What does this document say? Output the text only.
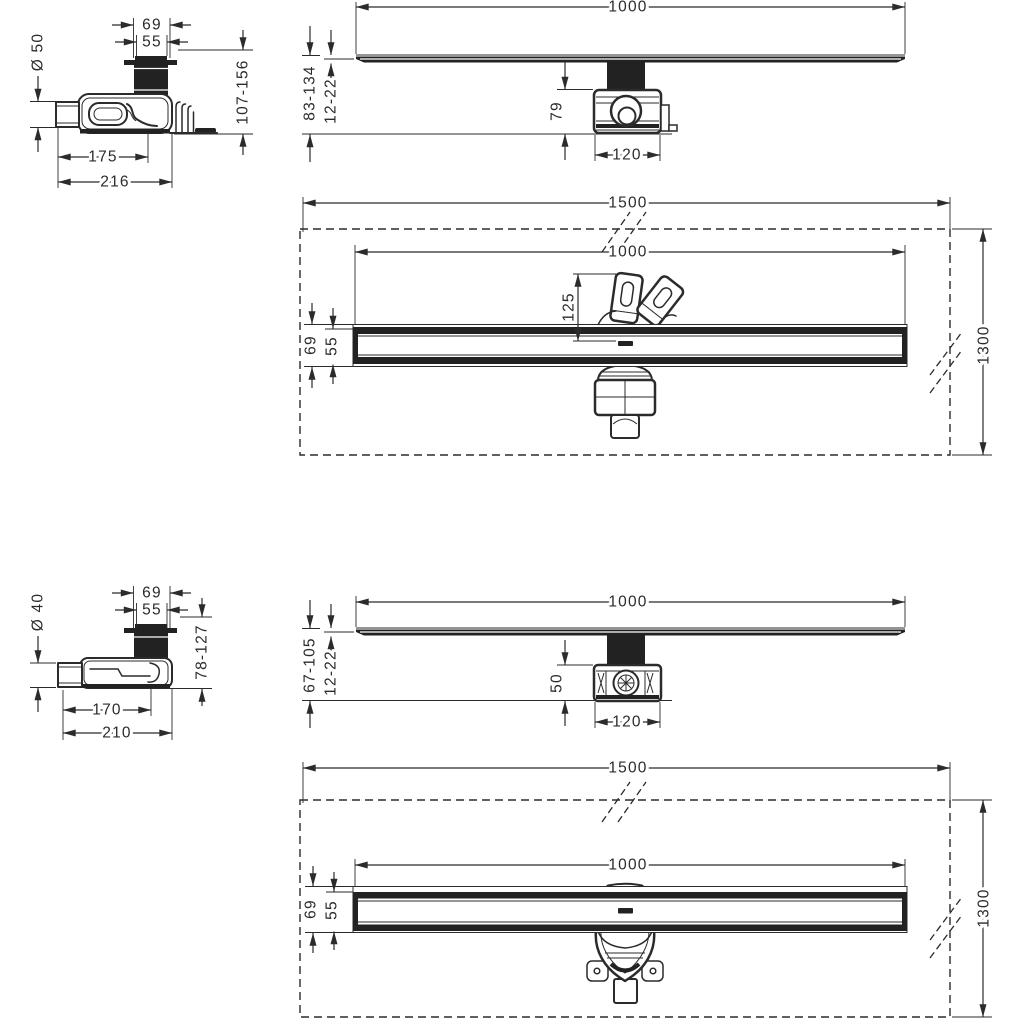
69
55
Ø 50
107-156
175
216
1000
83-134 12-22	79
120
1500
1300
1000
125
69 55
69
55
Ø 40
78-127
170
210
1000
67-105 12-22	50
120
1500
1300
1000
69 55
